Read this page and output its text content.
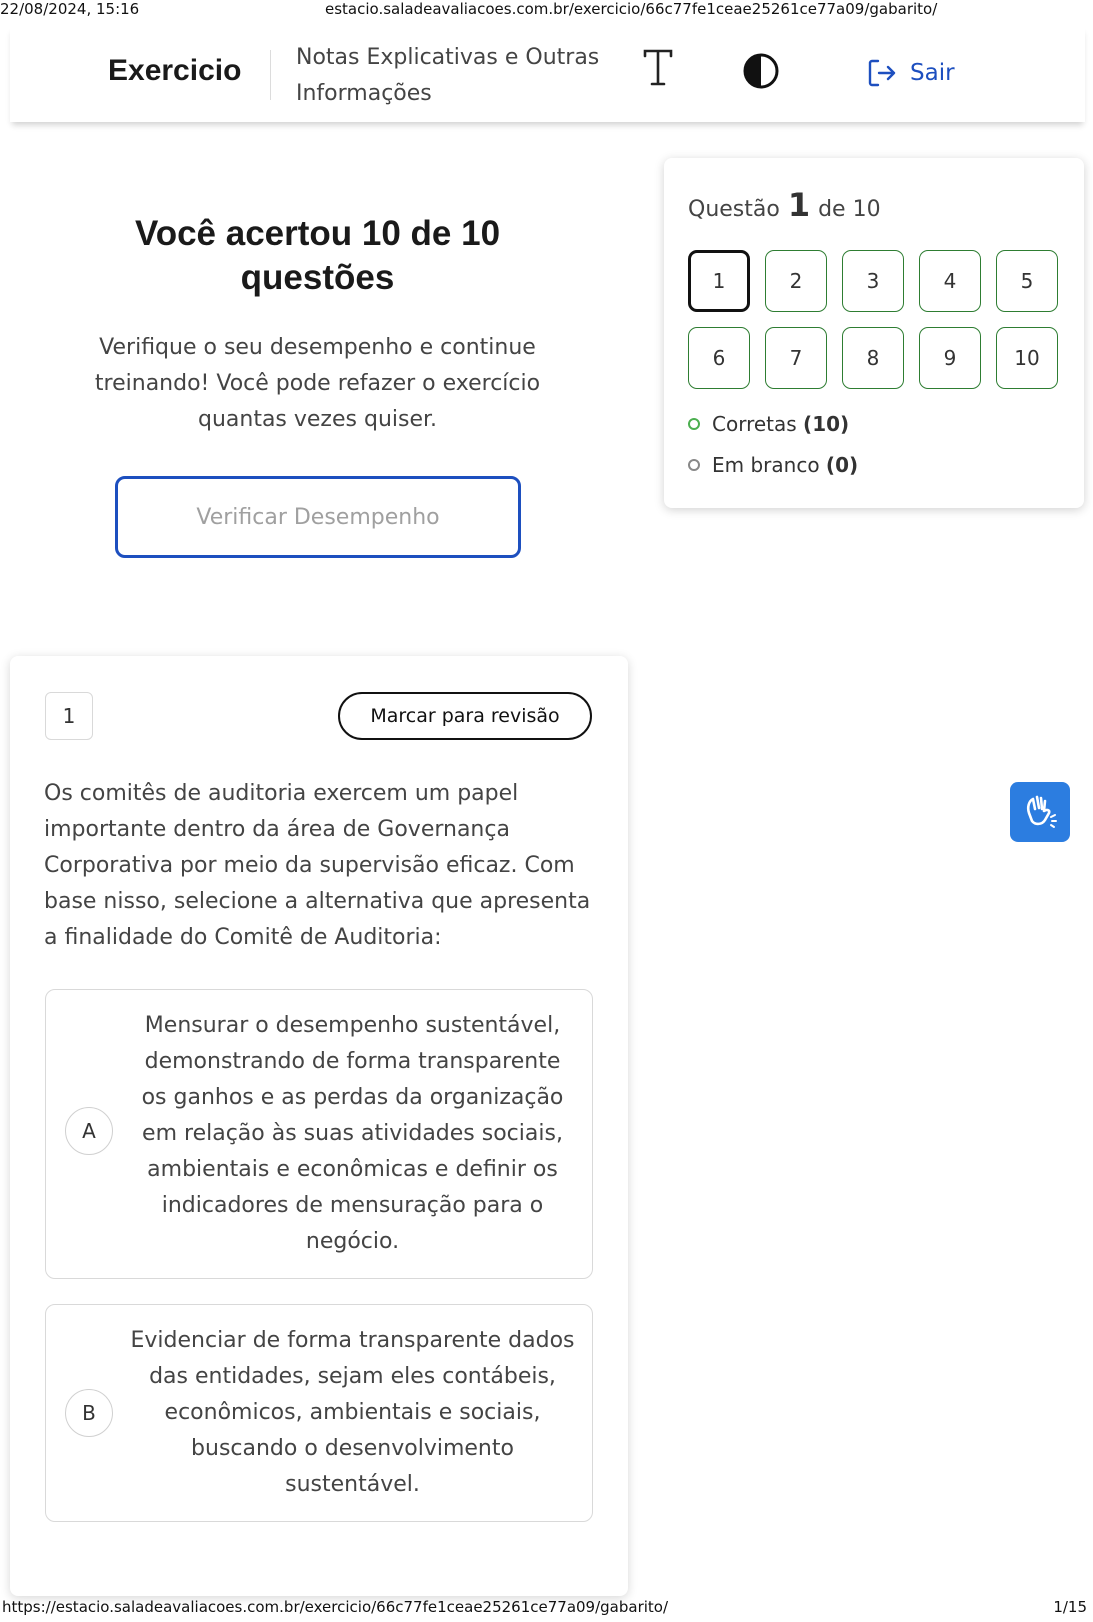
22/08/2024, 15:16	estacio.saladeavaliacoes.com.br/exercicio/66c77fe1ceae25261ce77a09/gabarito/
Exercicio Notas Explicativas e Outras Informações
Sair
Você acertou 10 de 10 questões
Verifique o seu desempenho e continue treinando! Você pode refazer o exercício quantas vezes quiser.
Verificar Desempenho
Questão 1 de 10
1	2	3	4	5
6	7	8	9	10
Corretas (10)
Em branco (0)
1	Marcar para revisão
Os comitês de auditoria exercem um papel importante dentro da área de Governança Corporativa por meio da supervisão eficaz. Com base nisso, selecione a alternativa que apresenta a finalidade do Comitê de Auditoria:
A
Mensurar o desempenho sustentável, demonstrando de forma transparente os ganhos e as perdas da organização em relação às suas atividades sociais, ambientais e econômicas e definir os indicadores de mensuração para o negócio.
B
Evidenciar de forma transparente dados das entidades, sejam eles contábeis, econômicos, ambientais e sociais, buscando o desenvolvimento sustentável.
https://estacio.saladeavaliacoes.com.br/exercicio/66c77fe1ceae25261ce77a09/gabarito/	1/15
